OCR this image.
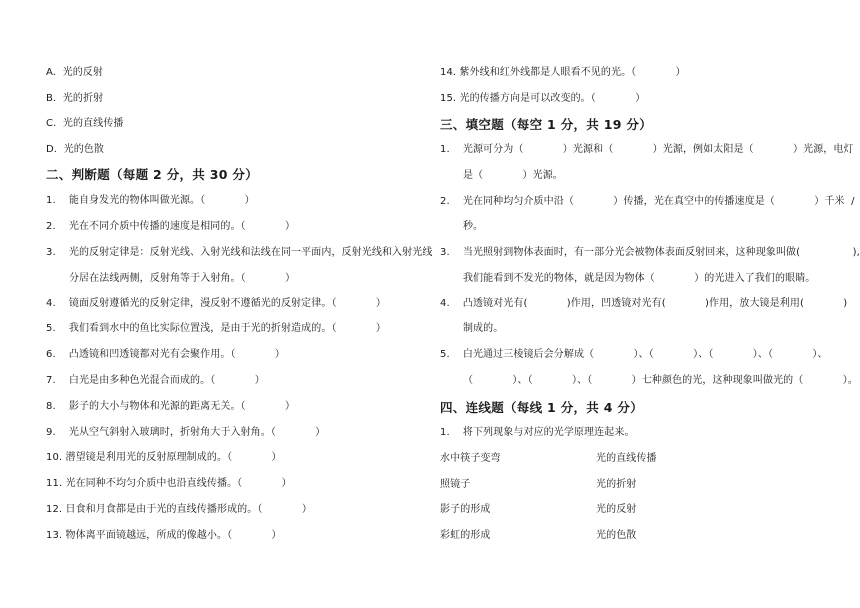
A.  光的反射
B.  光的折射
C.  光的直线传播
D.  光的色散
二、判断题（每题 2 分，共 30 分）
1.    能自身发光的物体叫做光源。（            ）
2.    光在不同介质中传播的速度是相同的。（            ）
3.    光的反射定律是：反射光线、入射光线和法线在同一平面内，反射光线和入射光线
分居在法线两侧，反射角等于入射角。（            ）
4.    镜面反射遵循光的反射定律，漫反射不遵循光的反射定律。（            ）
5.    我们看到水中的鱼比实际位置浅，是由于光的折射造成的。（            ）
6.    凸透镜和凹透镜都对光有会聚作用。（            ）
7.    白光是由多种色光混合而成的。（            ）
8.    影子的大小与物体和光源的距离无关。（            ）
9.    光从空气斜射入玻璃时，折射角大于入射角。（            ）
10. 潜望镜是利用光的反射原理制成的。（            ）
11. 光在同种不均匀介质中也沿直线传播。（            ）
12. 日食和月食都是由于光的直线传播形成的。（            ）
13. 物体离平面镜越远，所成的像越小。（            ）
14. 紫外线和红外线都是人眼看不见的光。（            ）
15. 光的传播方向是可以改变的。（            ）
三、填空题（每空 1 分，共 19 分）
1.    光源可分为（            ）光源和（            ）光源，例如太阳是（            ）光源，电灯
是（            ）光源。
2.    光在同种均匀介质中沿（            ）传播，光在真空中的传播速度是（            ）千米  /
秒。
3.    当光照射到物体表面时，有一部分光会被物体表面反射回来，这种现象叫做(                ),
我们能看到不发光的物体，就是因为物体（            ）的光进入了我们的眼睛。
4.    凸透镜对光有(            )作用，凹透镜对光有(            )作用，放大镜是利用(            )
制成的。
5.    白光通过三棱镜后会分解成（            ）、（            ）、（            ）、（            ）、
（            ）、（            ）、（            ）七种颜色的光，这种现象叫做光的（            ）。
四、连线题（每线 1 分，共 4 分）
1.    将下列现象与对应的光学原理连起来。
水中筷子变弯
照镜子
影子的形成
彩虹的形成
光的直线传播
光的折射
光的反射
光的色散
